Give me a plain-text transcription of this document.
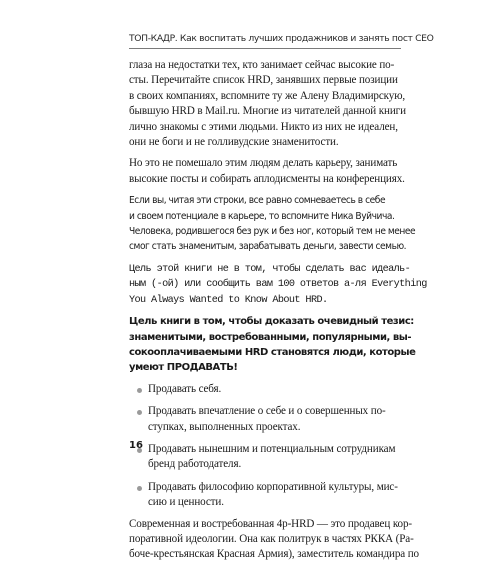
ТОП-КАДР. Как воспитать лучших продажников и занять пост CEO

глаза на недостатки тех, кто занимает сейчас высокие по-
сты. Перечитайте список HRD, занявших первые позиции
в своих компаниях, вспомните ту же Алену Владимирскую,
бывшую HRD в Mail.ru. Многие из читателей данной книги
лично знакомы с этими людьми. Никто из них не идеален,
они не боги и не голливудские знаменитости.

Но это не помешало этим людям делать карьеру, занимать
высокие посты и собирать аплодисменты на конференциях.

Если вы, читая эти строки, все равно сомневаетесь в себе
и своем потенциале в карьере, то вспомните Ника Вуйчича.
Человека, родившегося без рук и без ног, который тем не менее
смог стать знаменитым, зарабатывать деньги, завести семью.

Цель этой книги не в том, чтобы сделать вас идеаль-
ным (-ой) или сообщить вам 100 ответов а-ля Everything
You Always Wanted to Know About HRD.

Цель книги в том, чтобы доказать очевидный тезис:
знаменитыми, востребованными, популярными, вы-
сокооплачиваемыми HRD становятся люди, которые
умеют ПРОДАВАТЬ!

Продавать себя.
Продавать впечатление о себе и о совершенных по-
ступках, выполненных проектах.
Продавать нынешним и потенциальным сотрудникам
бренд работодателя.
Продавать философию корпоративной культуры, мис-
сию и ценности.

Современная и востребованная 4р-HRD — это продавец кор-
поративной идеологии. Она как политрук в частях РККА (Ра-
боче-крестьянская Красная Армия), заместитель командира по

16
